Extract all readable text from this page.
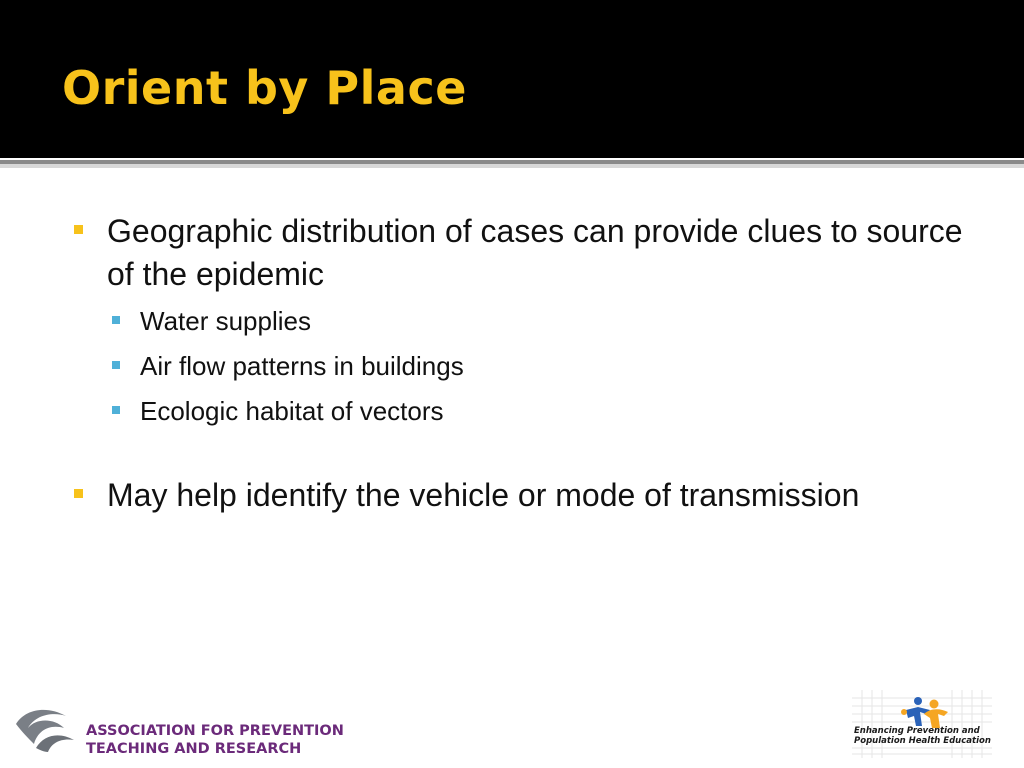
Orient by Place
Geographic distribution of cases can provide clues to source of the epidemic
Water supplies
Air flow patterns in buildings
Ecologic habitat of vectors
May help identify the vehicle or mode of transmission
ASSOCIATION FOR PREVENTION
TEACHING AND RESEARCH
Enhancing Prevention and
Population Health Education
